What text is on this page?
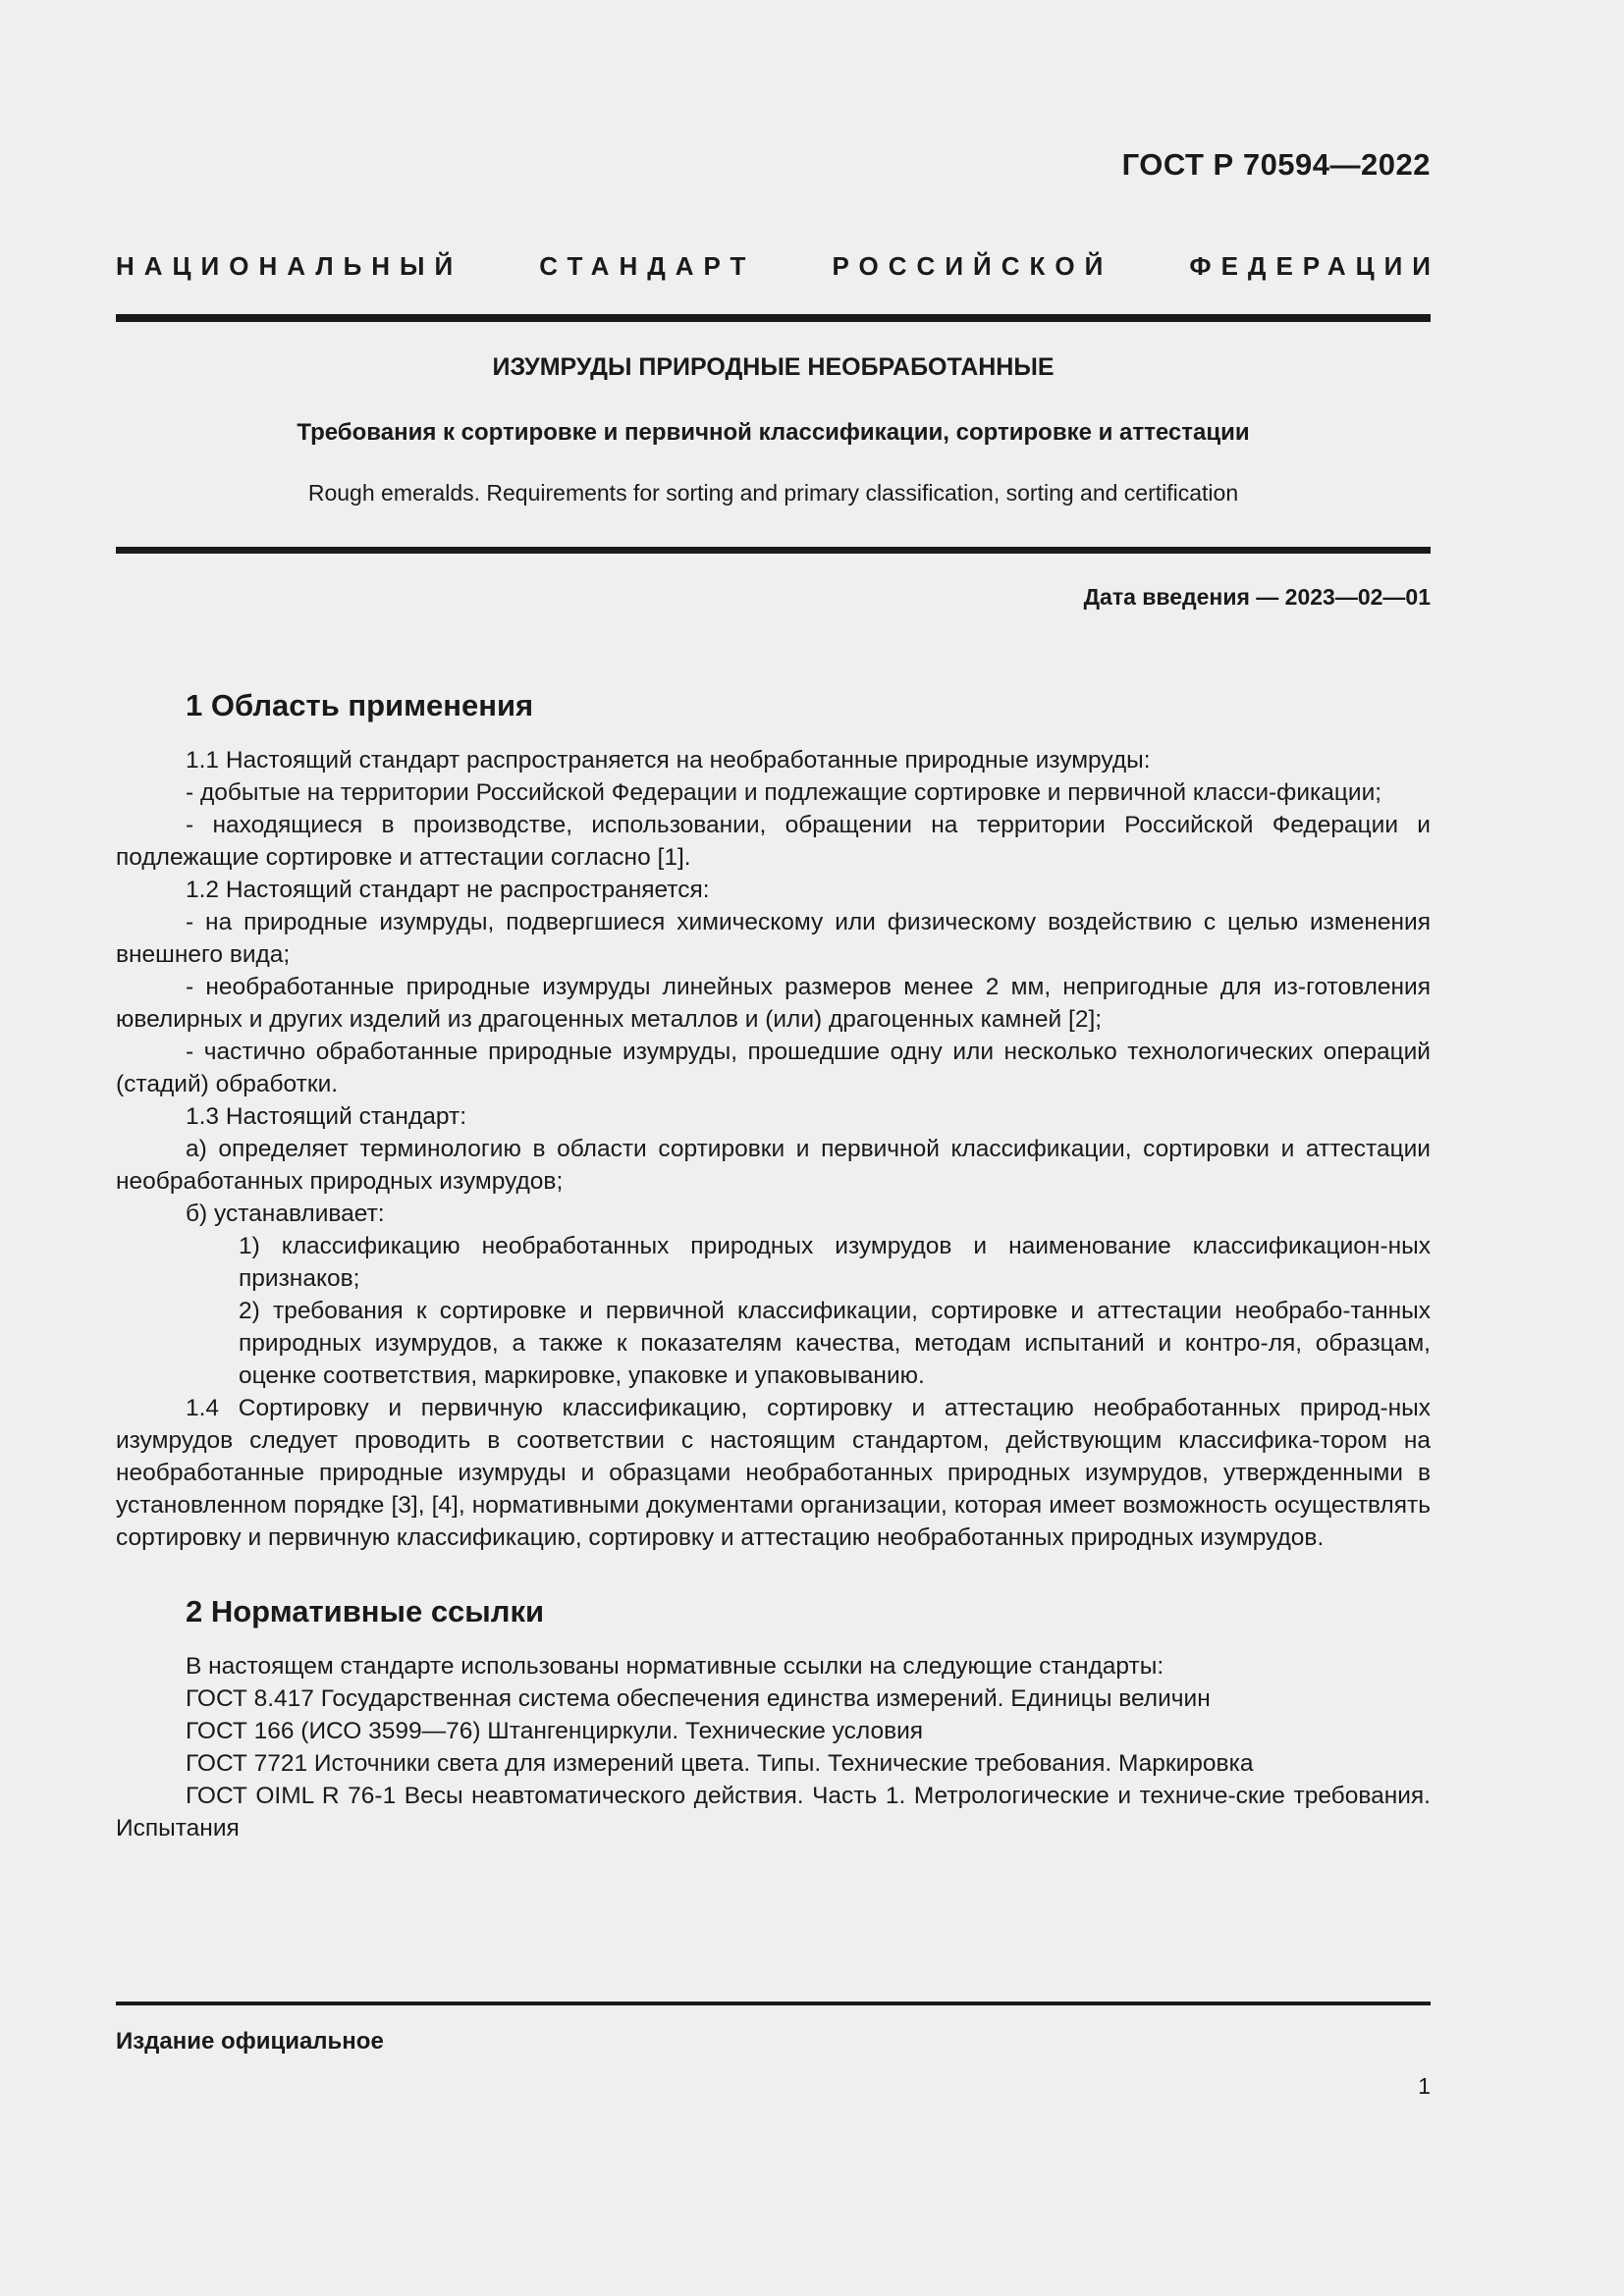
ГОСТ Р 70594—2022
НАЦИОНАЛЬНЫЙ СТАНДАРТ РОССИЙСКОЙ ФЕДЕРАЦИИ
ИЗУМРУДЫ ПРИРОДНЫЕ НЕОБРАБОТАННЫЕ
Требования к сортировке и первичной классификации, сортировке и аттестации
Rough emeralds. Requirements for sorting and primary classification, sorting and certification
Дата введения — 2023—02—01
1 Область применения

1.1 Настоящий стандарт распространяется на необработанные природные изумруды:

- добытые на территории Российской Федерации и подлежащие сортировке и первичной класси-фикации;

- находящиеся в производстве, использовании, обращении на территории Российской Федерации и подлежащие сортировке и аттестации согласно [1].

1.2 Настоящий стандарт не распространяется:

- на природные изумруды, подвергшиеся химическому или физическому воздействию с целью изменения внешнего вида;

- необработанные природные изумруды линейных размеров менее 2 мм, непригодные для из-готовления ювелирных и других изделий из драгоценных металлов и (или) драгоценных камней [2];

- частично обработанные природные изумруды, прошедшие одну или несколько технологических операций (стадий) обработки.

1.3 Настоящий стандарт:

а) определяет терминологию в области сортировки и первичной классификации, сортировки и аттестации необработанных природных изумрудов;

б) устанавливает:

1) классификацию необработанных природных изумрудов и наименование классификацион-ных признаков;

2) требования к сортировке и первичной классификации, сортировке и аттестации необрабо-танных природных изумрудов, а также к показателям качества, методам испытаний и контро-ля, образцам, оценке соответствия, маркировке, упаковке и упаковыванию.

1.4 Сортировку и первичную классификацию, сортировку и аттестацию необработанных природ-ных изумрудов следует проводить в соответствии с настоящим стандартом, действующим классифика-тором на необработанные природные изумруды и образцами необработанных природных изумрудов, утвержденными в установленном порядке [3], [4], нормативными документами организации, которая имеет возможность осуществлять сортировку и первичную классификацию, сортировку и аттестацию необработанных природных изумрудов.

2 Нормативные ссылки

В настоящем стандарте использованы нормативные ссылки на следующие стандарты:

ГОСТ 8.417 Государственная система обеспечения единства измерений. Единицы величин

ГОСТ 166 (ИСО 3599—76) Штангенциркули. Технические условия

ГОСТ 7721 Источники света для измерений цвета. Типы. Технические требования. Маркировка

ГОСТ OIML R 76-1 Весы неавтоматического действия. Часть 1. Метрологические и техниче-ские требования. Испытания

Издание официальное
1
